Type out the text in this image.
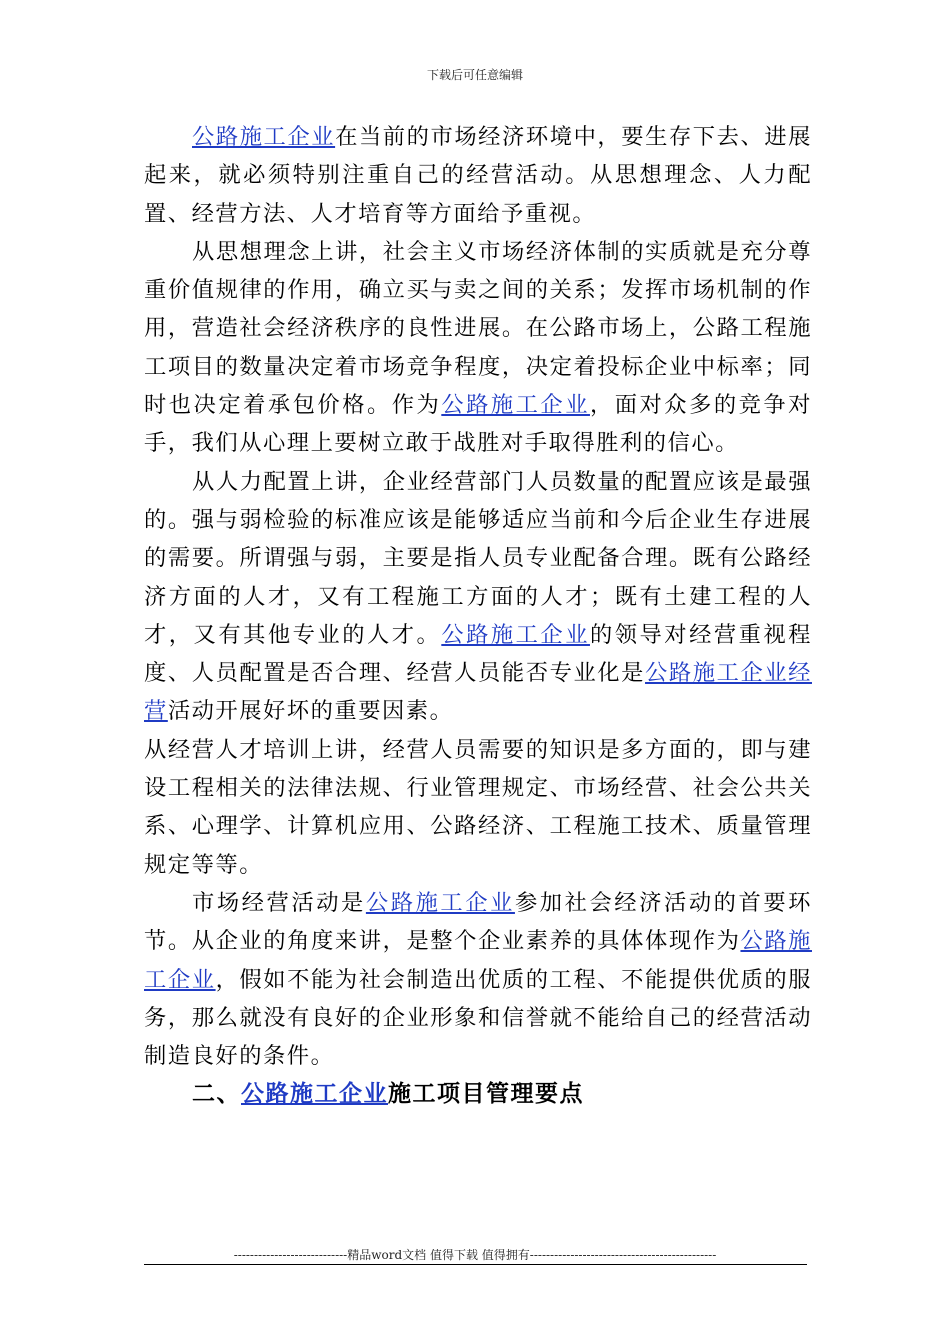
下载后可任意编辑

公路施工企业在当前的市场经济环境中，要生存下去、进展起来，就必须特别注重自己的经营活动。从思想理念、人力配置、经营方法、人才培育等方面给予重视。

从思想理念上讲，社会主义市场经济体制的实质就是充分尊重价值规律的作用，确立买与卖之间的关系；发挥市场机制的作用，营造社会经济秩序的良性进展。在公路市场上，公路工程施工项目的数量决定着市场竞争程度，决定着投标企业中标率；同时也决定着承包价格。作为公路施工企业，面对众多的竞争对手，我们从心理上要树立敢于战胜对手取得胜利的信心。

从人力配置上讲，企业经营部门人员数量的配置应该是最强的。强与弱检验的标准应该是能够适应当前和今后企业生存进展的需要。所谓强与弱，主要是指人员专业配备合理。既有公路经济方面的人才，又有工程施工方面的人才；既有土建工程的人才，又有其他专业的人才。公路施工企业的领导对经营重视程度、人员配置是否合理、经营人员能否专业化是公路施工企业经营活动开展好坏的重要因素。

从经营人才培训上讲，经营人员需要的知识是多方面的，即与建设工程相关的法律法规、行业管理规定、市场经营、社会公共关系、心理学、计算机应用、公路经济、工程施工技术、质量管理规定等等。

市场经营活动是公路施工企业参加社会经济活动的首要环节。从企业的角度来讲，是整个企业素养的具体体现作为公路施工企业，假如不能为社会制造出优质的工程、不能提供优质的服务，那么就没有良好的企业形象和信誉就不能给自己的经营活动制造良好的条件。

二、公路施工企业施工项目管理要点

----------------------------精品word文档 值得下载 值得拥有----------------------------------------------
